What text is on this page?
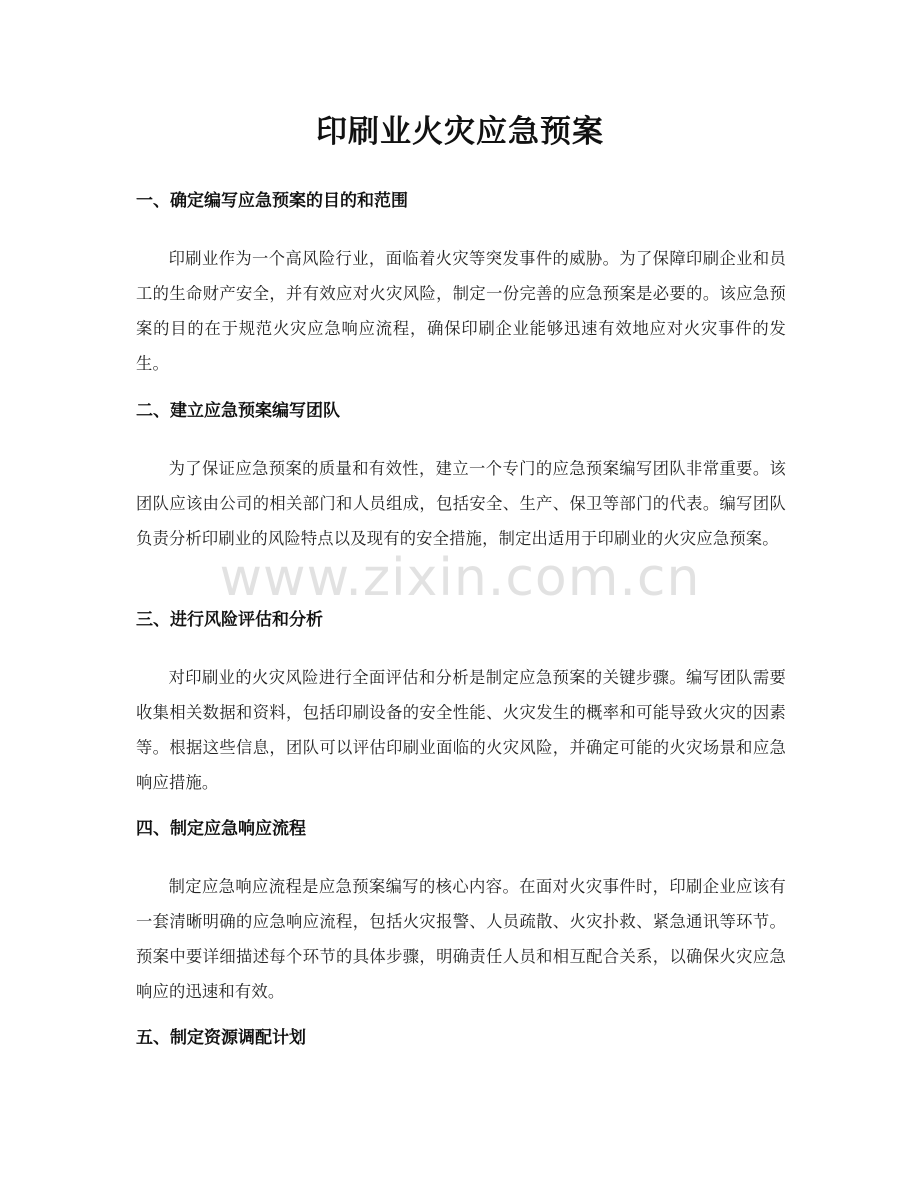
印刷业火灾应急预案
一、确定编写应急预案的目的和范围

印刷业作为一个高风险行业，面临着火灾等突发事件的威胁。为了保障印刷企业和员工的生命财产安全，并有效应对火灾风险，制定一份完善的应急预案是必要的。该应急预案的目的在于规范火灾应急响应流程，确保印刷企业能够迅速有效地应对火灾事件的发生。

二、建立应急预案编写团队

为了保证应急预案的质量和有效性，建立一个专门的应急预案编写团队非常重要。该团队应该由公司的相关部门和人员组成，包括安全、生产、保卫等部门的代表。编写团队负责分析印刷业的风险特点以及现有的安全措施，制定出适用于印刷业的火灾应急预案。

三、进行风险评估和分析

对印刷业的火灾风险进行全面评估和分析是制定应急预案的关键步骤。编写团队需要收集相关数据和资料，包括印刷设备的安全性能、火灾发生的概率和可能导致火灾的因素等。根据这些信息，团队可以评估印刷业面临的火灾风险，并确定可能的火灾场景和应急响应措施。

四、制定应急响应流程

制定应急响应流程是应急预案编写的核心内容。在面对火灾事件时，印刷企业应该有一套清晰明确的应急响应流程，包括火灾报警、人员疏散、火灾扑救、紧急通讯等环节。预案中要详细描述每个环节的具体步骤，明确责任人员和相互配合关系，以确保火灾应急响应的迅速和有效。

五、制定资源调配计划
www.zixin.com.cn
